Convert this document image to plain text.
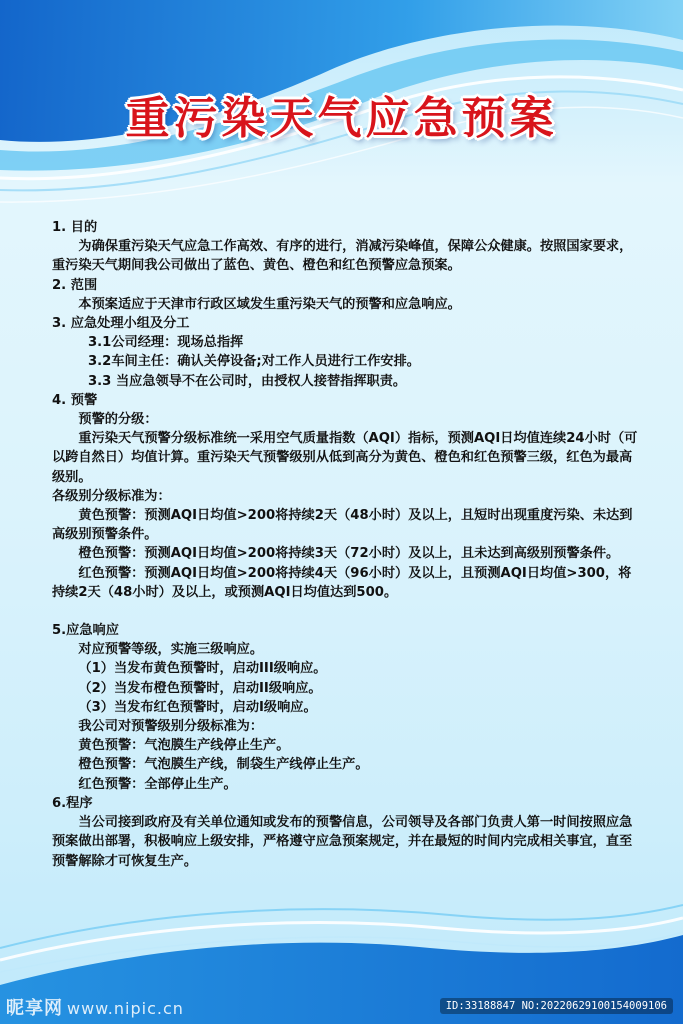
重污染天气应急预案

1. 目的

为确保重污染天气应急工作高效、有序的进行，消减污染峰值，保障公众健康。按照国家要求，重污染天气期间我公司做出了蓝色、黄色、橙色和红色预警应急预案。

2. 范围

本预案适应于天津市行政区域发生重污染天气的预警和应急响应。

3. 应急处理小组及分工

3.1公司经理：现场总指挥

3.2车间主任：确认关停设备;对工作人员进行工作安排。

3.3 当应急领导不在公司时，由授权人接替指挥职责。

4. 预警

预警的分级：

重污染天气预警分级标准统一采用空气质量指数（AQI）指标，预测AQI日均值连续24小时（可以跨自然日）均值计算。重污染天气预警级别从低到高分为黄色、橙色和红色预警三级，红色为最高级别。

各级别分级标准为：

黄色预警：预测AQI日均值>200将持续2天（48小时）及以上，且短时出现重度污染、未达到高级别预警条件。

橙色预警：预测AQI日均值>200将持续3天（72小时）及以上，且未达到高级别预警条件。

红色预警：预测AQI日均值>200将持续4天（96小时）及以上，且预测AQI日均值>300，将持续2天（48小时）及以上，或预测AQI日均值达到500。

5.应急响应

对应预警等级，实施三级响应。

（1）当发布黄色预警时，启动III级响应。

（2）当发布橙色预警时，启动II级响应。

（3）当发布红色预警时，启动I级响应。

我公司对预警级别分级标准为：

黄色预警：气泡膜生产线停止生产。

橙色预警：气泡膜生产线，制袋生产线停止生产。

红色预警：全部停止生产。

6.程序

当公司接到政府及有关单位通知或发布的预警信息，公司领导及各部门负责人第一时间按照应急预案做出部署，积极响应上级安排，严格遵守应急预案规定，并在最短的时间内完成相关事宜，直至预警解除才可恢复生产。

昵享网 www.nipic.cn	ID:33188847 NO:20220629100154009106
